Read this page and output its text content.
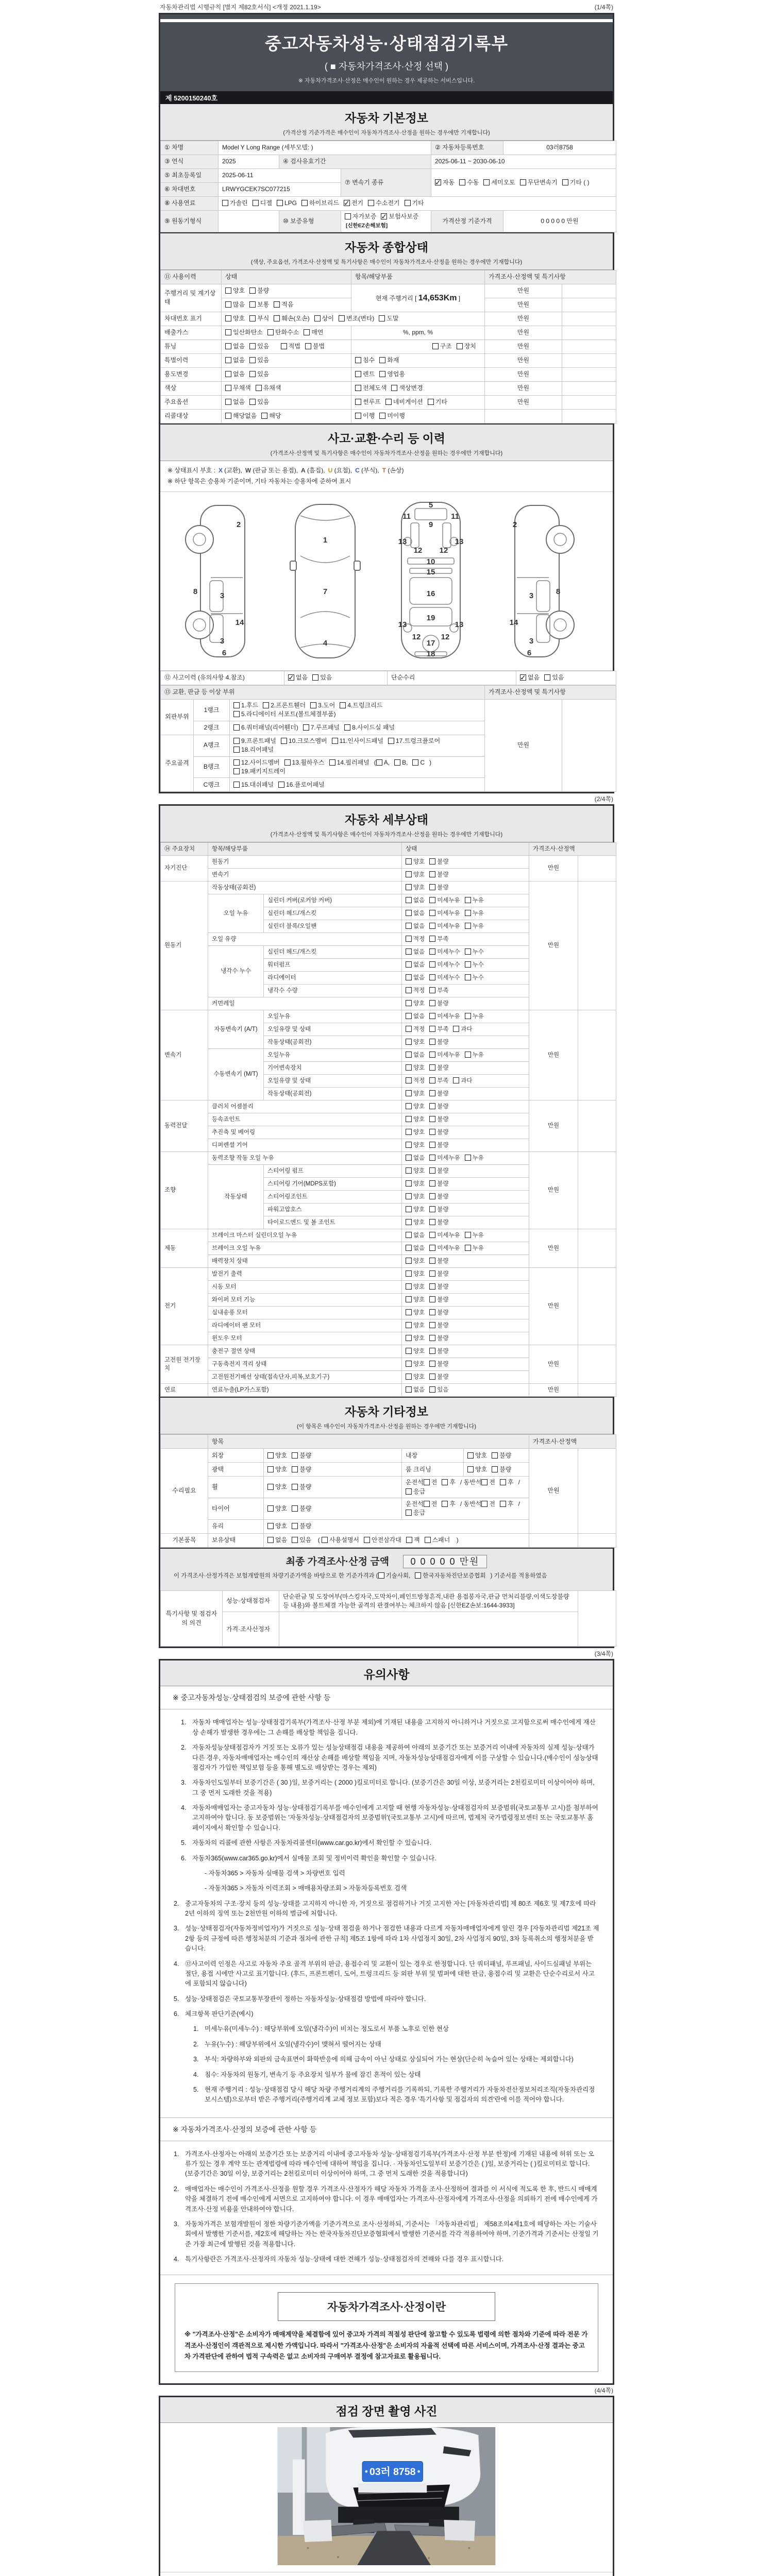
자동차관리법 시행규칙 [별지 제82호서식] <개정 2021.1.19>	(1/4쪽)
중고자동차성능·상태점검기록부
( ■ 자동차가격조사·산정 선택 )
※ 자동차가격조사·산정은 매수인이 원하는 경우 제공하는 서비스입니다.
제 5200150240호
자동차 기본정보
(가격산정 기준가격은 매수인이 자동차가격조사·산정을 원하는 경우에만 기재합니다)
① 차명	Model Y Long Range (세부모델: )			② 자동차등록번호	03러8758
③ 연식	2025	④ 검사유효기간		2025-06-11 ~ 2030-06-10	
⑤ 최초등록일	2025-06-11		⑦ 변속기 종류	✓자동 수동 세미오토 무단변속기 기타 ( )
⑥ 차대번호	LRWYGCEK7SC077215				
⑧ 사용연료	가솔린 디젤 LPG 하이브리드 ✓ 전기 수소전기 기타
⑨ 원동기형식		⑩ 보증유형	자가보증 ✓ 보험사보증[신한EZ손해보험]	가격산정 기준가격	0 0 0 0 0 만원
자동차 종합상태
(색상, 주요옵션, 가격조사·산정액 및 특기사항은 매수인이 자동차가격조사·산정을 원하는 경우에만 기재합니다)
⑪ 사용이력	상태	항목/해당부품	가격조사·산정액 및 특기사항	
주행거리 및 계기상태	양호 불량	현재 주행거리 [ 14,653Km ]	만원	
	많음 보통 적음		만원	
차대번호 표기	양호 부식 훼손(오손) 상이 변조(변타) 도말		만원	
배출가스	일산화탄소 탄화수소 매연	%, ppm, %	만원	
튜닝	없음 있음 적법 불법	구조 장치	만원	
특별이력	없음 있음	침수 화재	만원	
용도변경	없음 있음	렌트 영업용	만원	
색상	무채색 유채색	전체도색 색상변경	만원	
주요옵션	없음 있음	썬루프 네비게이션 기타	만원	
리콜대상	해당없음 해당	이행 미이행		
사고·교환·수리 등 이력
(가격조사·산정액 및 특기사항은 매수인이 자동차가격조사·산정을 원하는 경우에만 기재합니다)
※ 상태표시 부호 : X (교환), W (판금 또는 용접), A (흠집), U (요철), C (부식), T (손상)
※ 하단 항목은 승용차 기준이며, 기타 자동차는 승용차에 준하여 표시
2
8	3
14
3
6
1
7
4
5
11	11
9
13	13
12 12
10
15
16
19
13	13
12
17
12
18
2
8
3
14
3
6
⑫ 사고이력 (유의사항 4.참조)	✓없음 있음	단순수리	✓없음 있음
⑬ 교환, 판금 등 이상 부위			가격조사·산정액 및 특기사항	
외판부위	1랭크	1.후드 2.프론트휀더 3.도어 4.트렁크리드5.라디에이터 서포트(볼트체결부품)	만원	
	2랭크	6.쿼터패널(리어휀더) 7.루프패널 8.사이드실 패널		
주요골격	A랭크	9.프론트패널 10.크로스멤버 11.인사이드패널 17.트렁크플로어18.리어패널		
	B랭크	12.사이드멤버 13.휠하우스 14.필러패널 ( A, B, C )19.패키지트레이		
	C랭크	15.대쉬패널 16.플로어패널		
(2/4쪽)
자동차 세부상태
(가격조사·산정액 및 특기사항은 매수인이 자동차가격조사·산정을 원하는 경우에만 기재합니다)
⑭ 주요장치	항목/해당부품		상태	가격조사·산정액	
자기진단	원동기		양호 불량	만원	
	변속기		양호 불량		
원동기	작동상태(공회전)		양호 불량	만원	
	오일 누유	실린더 커버(로커암 커버)	없음 미세누유 누유		
		실린더 헤드/개스킷	없음 미세누유 누유		
		실린더 블록/오일팬	없음 미세누유 누유		
	오일 유량		적정 부족		
	냉각수 누수	실린더 헤드/개스킷	없음 미세누수 누수		
		워터펌프	없음 미세누수 누수		
		라디에이터	없음 미세누수 누수		
		냉각수 수량	적정 부족		
	커먼레일		양호 불량		
변속기	자동변속기 (A/T)	오일누유	없음 미세누유 누유	만원	
		오일유량 및 상태	적정 부족 과다		
		작동상태(공회전)	양호 불량		
	수동변속기 (M/T)	오일누유	없음 미세누유 누유		
		기어변속장치	양호 불량		
		오일유량 및 상태	적정 부족 과다		
		작동상태(공회전)	양호 불량		
동력전달	클러치 어셈블리		양호 불량	만원	
	등속죠인트		양호 불량		
	추진축 및 베어링		양호 불량		
	디퍼렌셜 기어		양호 불량		
조향	동력조향 작동 오일 누유		없음 미세누유 누유	만원	
	작동상태	스티어링 펌프	양호 불량		
		스티어링 기어(MDPS포함)	양호 불량		
		스티어링조인트	양호 불량		
		파워고압호스	양호 불량		
		타이로드엔드 및 볼 조인트	양호 불량		
제동	브레이크 마스터 실린더오일 누유		없음 미세누유 누유	만원	
	브레이크 오일 누유		없음 미세누유 누유		
	배력장치 상태		양호 불량		
전기	발전기 출력		양호 불량	만원	
	시동 모터		양호 불량		
	와이퍼 모터 기능		양호 불량		
	실내송풍 모터		양호 불량		
	라디에이터 팬 모터		양호 불량		
	윈도우 모터		양호 불량		
고전원 전기장치	충전구 절연 상태		양호 불량	만원	
	구동축전지 격리 상태		양호 불량		
	고전원전기배선 상태(접속단자,피복,보호기구)		양호 불량		
연료	연료누출(LP가스포함)		없음 있음	만원	
자동차 기타정보
(이 항목은 매수인이 자동차가격조사·산정을 원하는 경우에만 기재합니다)
	항목				가격조사·산정액	
수리필요	외장	양호 불량	내장	양호 불량	만원	
	광택	양호 불량	룸 크리닝	양호 불량		
	휠	양호 불량	운전석 전 후 / 동반석 전 후 /응급			
	타이어	양호 불량	운전석 전 후 / 동반석 전 후 /응급			
	유리	양호 불량				
기본품목	보유상태	없음 있음 ( 사용설명서 안전삼각대 잭 스패너 )				
최종 가격조사·산정 금액 0 0 0 0 0 만원
이 가격조사·산정가격은 보험개발원의 차량기준가액을 바탕으로 한 기준가격과 (	기술사회,	한국자동차진단보증협회 ) 기준서를 적용하였음
특기사항 및 점검자의 의견	성능·상태점검자	단순판금 및 도장여부(마스킹자국,도막차이,페인트방청흔적,내판 용접봉자국,판금 먼처리불량,이색도장불량 등 내용)와 볼트체결 가능한 골격의 판결여부는 체크하지 않음 [신한EZ손보:1644-3933]	
	가격·조사산정자		
(3/4쪽)
유의사항
※ 중고자동차성능·상태점검의 보증에 관한 사항 등
1. 자동차 매매업자는 성능·상태점검기록부(가격조사·산정 부분 제외)에 기재된 내용을 고지하지 아니하거나 거짓으로 고지함으로써 매수인에게 재산상 손해가 발생한 경우에는 그 손해를 배상할 책임을 집니다.
2. 자동차성능상태점검자가 거짓 또는 오류가 있는 성능상태점검 내용을 제공하여 아래의 보증기간 또는 보증거리 이내에 자동차의 실제 성능·상태가 다른 경우, 자동차매매업자는 매수인의 재산상 손해를 배상할 책임을 지며, 자동차성능상태점검자에게 이를 구상할 수 있습니다.(매수인이 성능상태점검자가 가입한 책임보험 등을 통해 별도로 배상받는 경우는 제외)
3. 자동차인도일부터 보증기간은 ( 30 )일, 보증거리는 ( 2000 )킬로미터로 합니다. (보증기간은 30일 이상, 보증거리는 2천킬로미터 이상이어야 하며, 그 중 먼저 도래한 것을 적용)
4. 자동차매매업자는 중고자동차 성능·상태점검기록부를 매수인에게 고지할 때 현행 자동차성능·상태점검자의 보증범위(국토교통부 고시)를 첨부하여 고지하여야 합니다. 동 보증범위는 '자동차성능·상태점검자의 보증범위'(국토교통부 고시)에 따르며, 법제처 국가법령정보센터 또는 국토교통부 홈페이지에서 확인할 수 있습니다.
5. 자동차의 리콜에 관한 사항은 자동차리콜센터(www.car.go.kr)에서 확인할 수 있습니다.
6. 자동차365(www.car365.go.kr)에서 실매물 조회 및 정비이력 확인을 확인할 수 있습니다.
- 자동차365 > 자동차 실매물 검색 > 차량번호 입력
- 자동차365 > 자동차 이력조회 > 매매용차량조회 > 자동차등록번호 검색
2. 중고자동차의 구조·장치 등의 성능·상태를 고지하지 아니한 자, 거짓으로 점검하거나 거짓 고지한 자는 [자동차관리법] 제 80조 제6호 및 제7호에 따라 2년 이하의 징역 또는 2천만원 이하의 벌금에 처합니다.
3. 성능·상태점검자(자동차정비업자)가 거짓으로 성능·상태 점검을 하거나 점검한 내용과 다르게 자동차매매업자에게 알린 경우 [자동차관리법 제21조 제2항 등의 규정에 따른 행정처분의 기준과 절차에 관한 규칙] 제5조 1항에 따라 1차 사업정지 30일, 2차 사업정지 90일, 3차 등록취소의 행정처분을 받습니다.
4. ⑫사고이력 인정은 사고로 자동차 주요 골격 부위의 판금, 용접수리 및 교환이 있는 경우로 한정합니다. 단 쿼터패널, 루프패널, 사이드실패널 부위는 절단, 용접 시에만 사고로 표기합니다. (후드, 프론트펜더, 도어, 트렁크리드 등 외판 부위 및 범퍼에 대한 판금, 용접수리 및 교환은 단순수리로서 사고에 포함되지 않습니다)
5. 성능·상태점검은 국토교통부장관이 정하는 자동차성능·상태점검 방법에 따라야 합니다.
6. 체크항목 판단기준(예시)
1. 미세누유(미세누수) : 해당부위에 오일(냉각수)이 비치는 정도로서 부품 노후로 인한 현상
2. 누유(누수) : 해당부위에서 오일(냉각수)이 맺혀서 떨어지는 상태
3. 부식: 차량하부와 외판의 금속표면이 화학반응에 의해 금속이 아닌 상태로 상실되어 가는 현상(단순히 녹슬어 있는 상태는 제외합니다)
4. 침수: 자동차의 원동기, 변속기 등 주요장치 일부가 물에 잠긴 흔적이 있는 상태
5. 현재 주행거리 : 성능·상태점검 당시 해당 차량 주행거리계의 주행거리를 기록하되, 기록한 주행거리가 자동차전산정보처리조직(자동차관리정보시스템)으로부터 받은 주행거리(주행거리계 교체 정보 포함)보다 적은 경우 '특기사항 및 점검자의 의견'란에 이를 적어야 합니다.
※ 자동차가격조사·산정의 보증에 관한 사항 등
1. 가격조사·산정자는 아래의 보증기간 또는 보증거리 이내에 중고자동차 성능·상태점검기록부(가격조사·산정 부분 한정)에 기재된 내용에 허위 또는 오류가 있는 경우 계약 또는 관계법령에 따라 매수인에 대하여 책임을 집니다. · 자동차인도일부터 보증기간은 ( )일, 보증거리는 ( )킬로미터로 합니다. (보증기간은 30일 이상, 보증거리는 2천킬로미터 이상이어야 하며, 그 중 먼저 도래한 것을 적용합니다)
2. 매매업자는 매수인이 가격조사·산정을 원할 경우 가격조사·산정자가 해당 자동차 가격을 조사·산정하여 결과를 이 서식에 적도록 한 후, 반드시 매매계약을 체결하기 전에 매수인에게 서면으로 고지하여야 합니다. 이 경우 매매업자는 가격조사·산정자에게 가격조사·산정을 의뢰하기 전에 매수인에게 가격조사·산정 비용을 안내하여야 합니다.
3. 자동차가격은 보험개발원이 정한 차량기준가액을 기준가격으로 조사·산정하되, 기준서는 「자동차관리법」 제58조의4제1호에 해당하는 자는 기술사회에서 발행한 기준서를, 제2호에 해당하는 자는 한국자동차진단보증협회에서 발행한 기준서를 각각 적용하여야 하며, 기준가격과 기준서는 산정일 기준 가장 최근에 발행된 것을 적용합니다.
4. 특기사항란은 가격조사·산정자의 자동차 성능·상태에 대한 견해가 성능·상태점검자의 견해와 다를 경우 표시합니다.
자동차가격조사·산정이란
※ "가격조사·산정"은 소비자가 매매계약을 체결함에 있어 중고차 가격의 적절성 판단에 참고할 수 있도록 법령에 의한 절차와 기준에 따라 전문 가격조사·산정인이 객관적으로 제시한 가액입니다. 따라서 "가격조사·산정"은 소비자의 자율적 선택에 따른 서비스이며, 가격조사·산정 결과는 중고차 가격판단에 관하여 법적 구속력은 없고 소비자의 구매여부 결정에 참고자료로 활용됩니다.
(4/4쪽)
점검 장면 촬영 사진
03러 8758
